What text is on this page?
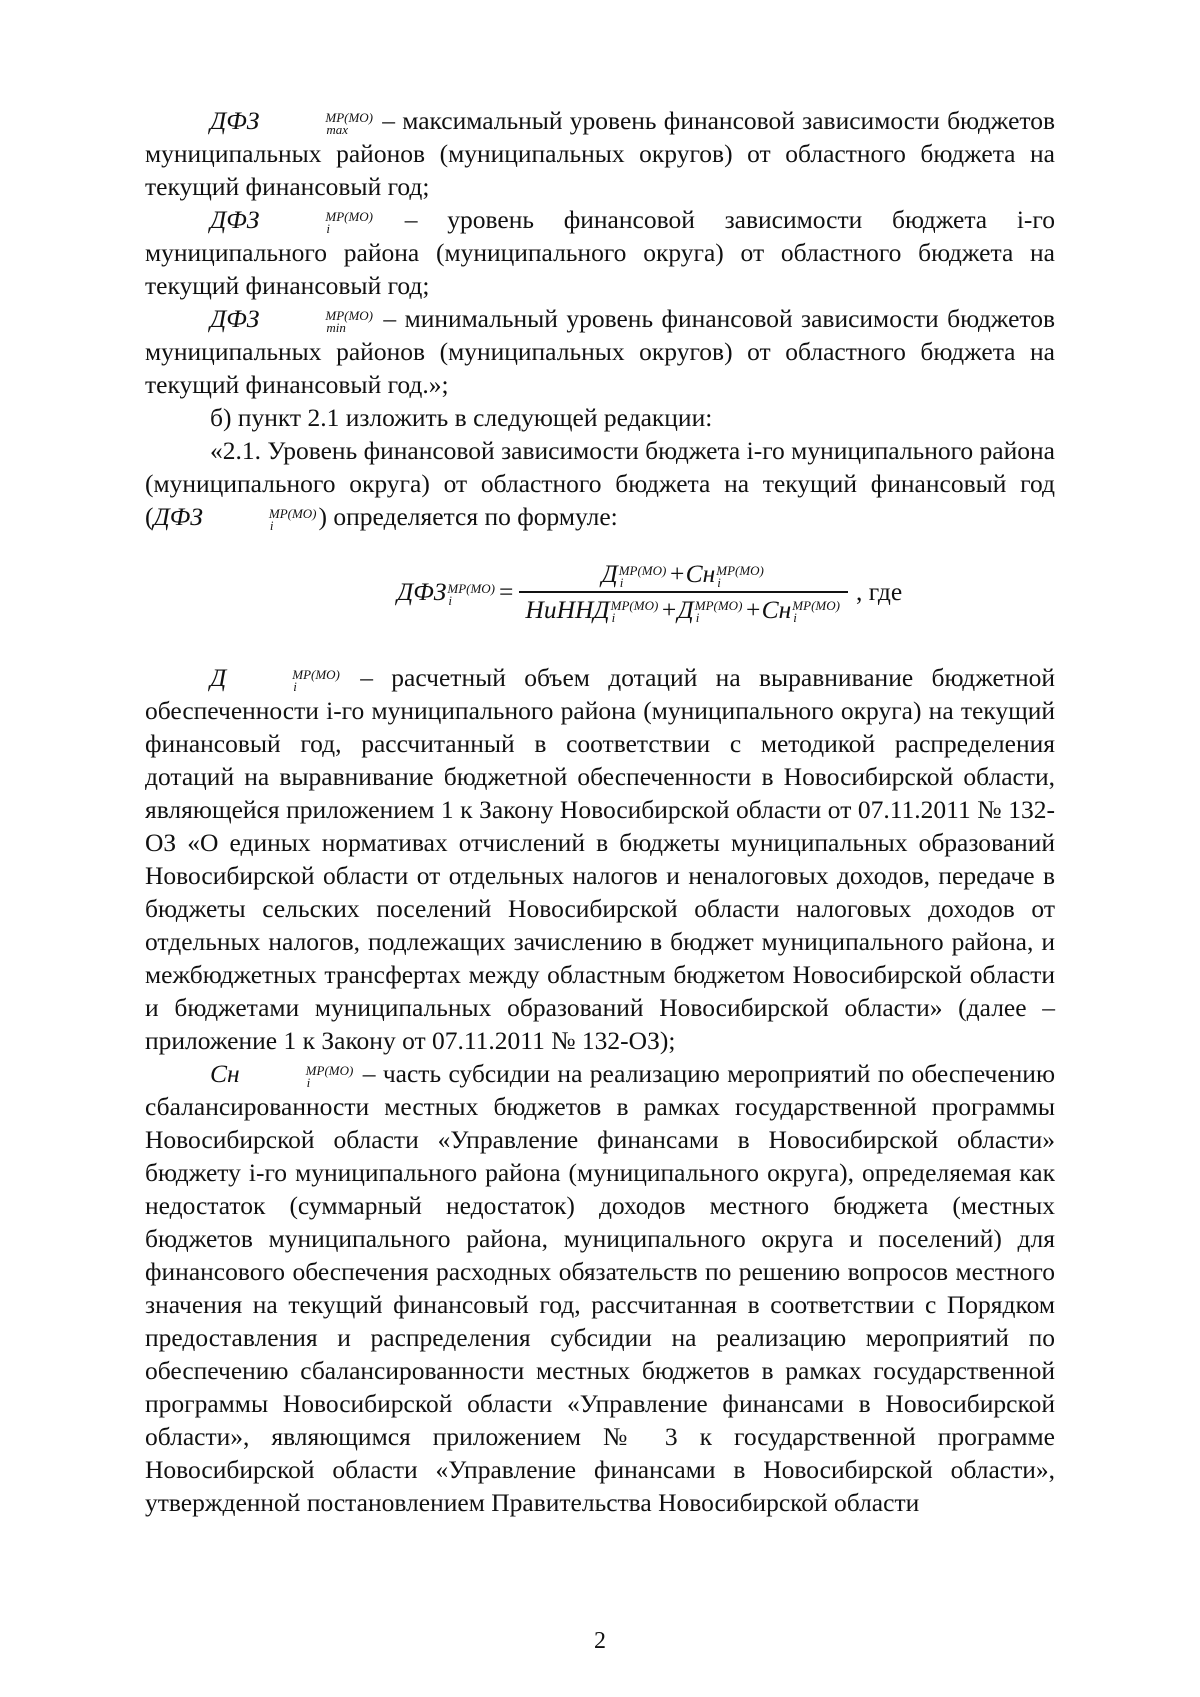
ДФЗ	МР(МО)
max	– максимальный уровень финансовой зависимости бюджетов муниципальных районов (муниципальных округов) от областного бюджета на текущий финансовый год;

ДФЗ	МР(МО)
i	– уровень финансовой зависимости бюджета i-го муниципального района (муниципального округа) от областного бюджета на текущий финансовый год;

ДФЗ	МР(МО)
min	– минимальный уровень финансовой зависимости бюджетов муниципальных районов (муниципальных округов) от областного бюджета на текущий финансовый год.»;

б) пункт 2.1 изложить в следующей редакции:

«2.1. Уровень финансовой зависимости бюджета i-го муниципального района (муниципального округа) от областного бюджета на текущий финансовый год (ДФЗ	МР(МО)
i	) определяется по формуле:

ДФЗ МР(МО)
i	= Д МР(МО)
i	+Сн МР(МО)
i
НиННД МР(МО)
i	+Д МР(МО)
i	+Сн МР(МО)
i , где

Д	МР(МО)
i	– расчетный объем дотаций на выравнивание бюджетной обеспеченности i-го муниципального района (муниципального округа) на текущий финансовый год, рассчитанный в соответствии с методикой распределения дотаций на выравнивание бюджетной обеспеченности в Новосибирской области, являющейся приложением 1 к Закону Новосибирской области от 07.11.2011 № 132-ОЗ «О единых нормативах отчислений в бюджеты муниципальных образований Новосибирской области от отдельных налогов и неналоговых доходов, передаче в бюджеты сельских поселений Новосибирской области налоговых доходов от отдельных налогов, подлежащих зачислению в бюджет муниципального района, и межбюджетных трансфертах между областным бюджетом Новосибирской области и бюджетами муниципальных образований Новосибирской области» (далее – приложение 1 к Закону от 07.11.2011 № 132-ОЗ);

Сн	МР(МО)
i	– часть субсидии на реализацию мероприятий по обеспечению сбалансированности местных бюджетов в рамках государственной программы Новосибирской области «Управление финансами в Новосибирской области» бюджету i-го муниципального района (муниципального округа), определяемая как недостаток (суммарный недостаток) доходов местного бюджета (местных бюджетов муниципального района, муниципального округа и поселений) для финансового обеспечения расходных обязательств по решению вопросов местного значения на текущий финансовый год, рассчитанная в соответствии с Порядком предоставления и распределения субсидии на реализацию мероприятий по обеспечению сбалансированности местных бюджетов в рамках государственной программы Новосибирской области «Управление финансами в Новосибирской области», являющимся приложением № 3 к государственной программе Новосибирской области «Управление финансами в Новосибирской области», утвержденной постановлением Правительства Новосибирской области

2
